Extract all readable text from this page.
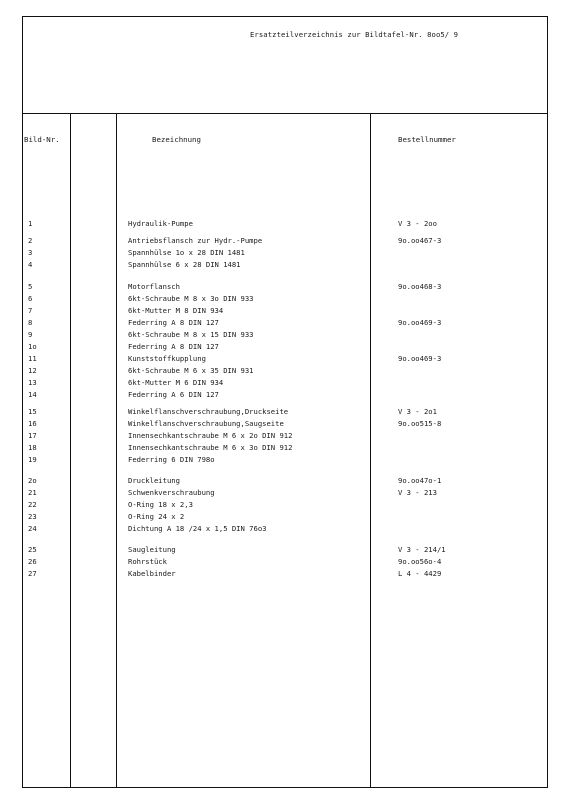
Ersatzteilverzeichnis zur Bildtafel-Nr. 8oo5/ 9
Bild-Nr.	Bezeichnung	Bestellnummer
1	Hydraulik-Pumpe	V 3 - 2oo
2	Antriebsflansch zur Hydr.-Pumpe	9o.oo467-3
3	Spannhülse 1o x 28 DIN 1481
4	Spannhülse 6 x 28 DIN 1481
5	Motorflansch	9o.oo468-3
6	6kt-Schraube M 8 x 3o DIN 933
7	6kt-Mutter M 8 DIN 934
8	Federring A 8 DIN 127	9o.oo469-3
9	6kt-Schraube M 8 x 15 DIN 933
1o	Federring A 8 DIN 127
11	Kunststoffkupplung	9o.oo469-3
12	6kt-Schraube M 6 x 35 DIN 931
13	6kt-Mutter M 6 DIN 934
14	Federring A 6 DIN 127
15	Winkelflanschverschraubung,Druckseite	V 3 - 2o1
16	Winkelflanschverschraubung,Saugseite	9o.oo515-8
17	Innensechkantschraube M 6 x 2o DIN 912
18	Innensechkantschraube M 6 x 3o DIN 912
19	Federring 6 DIN 798o
2o	Druckleitung	9o.oo47o-1
21	Schwenkverschraubung	V 3 - 213
22	O-Ring 18 x 2,3
23	O-Ring 24 x 2
24	Dichtung A 18 /24 x 1,5 DIN 76o3
25	Saugleitung	V 3 - 214/1
26	Rohrstück	9o.oo56o-4
27	Kabelbinder	L 4 - 4429
